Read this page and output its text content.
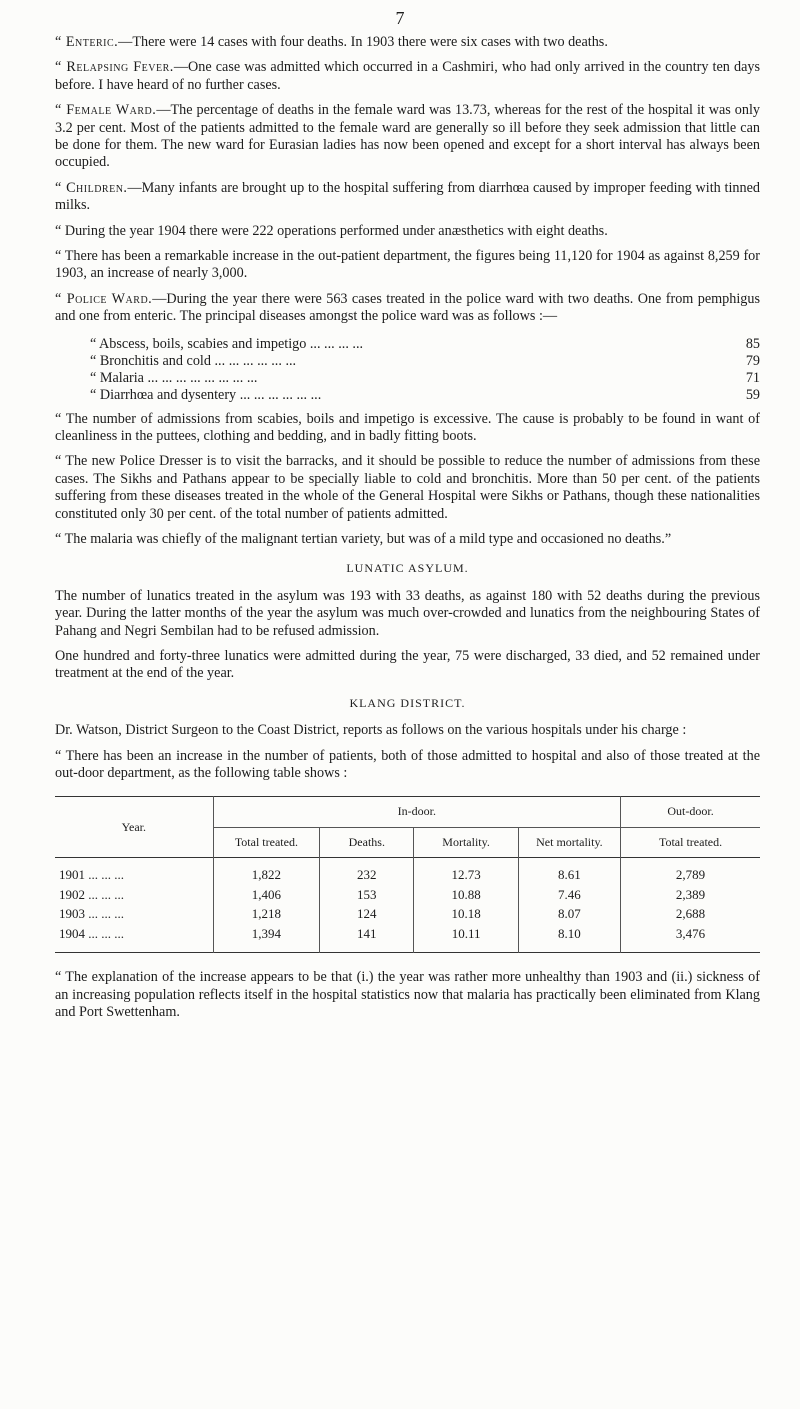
7

“ Enteric.—There were 14 cases with four deaths. In 1903 there were six cases with two deaths.

“ Relapsing Fever.—One case was admitted which occurred in a Cashmiri, who had only arrived in the country ten days before. I have heard of no further cases.

“ Female Ward.—The percentage of deaths in the female ward was 13.73, whereas for the rest of the hospital it was only 3.2 per cent. Most of the patients admitted to the female ward are generally so ill before they seek admission that little can be done for them. The new ward for Eurasian ladies has now been opened and except for a short interval has always been occupied.

“ Children.—Many infants are brought up to the hospital suffering from diarrhœa caused by improper feeding with tinned milks.

“ During the year 1904 there were 222 operations performed under anæsthetics with eight deaths.

“ There has been a remarkable increase in the out-patient department, the figures being 11,120 for 1904 as against 8,259 for 1903, an increase of nearly 3,000.

“ Police Ward.—During the year there were 563 cases treated in the police ward with two deaths. One from pemphigus and one from enteric. The principal diseases amongst the police ward was as follows :—

“ Abscess, boils, scabies and impetigo ... ... ... ...	85
“ Bronchitis and cold ... ... ... ... ... ...	79
“ Malaria ... ... ... ... ... ... ... ...	71
“ Diarrhœa and dysentery ... ... ... ... ... ...	59

“ The number of admissions from scabies, boils and impetigo is excessive. The cause is probably to be found in want of cleanliness in the puttees, clothing and bedding, and in badly fitting boots.

“ The new Police Dresser is to visit the barracks, and it should be possible to reduce the number of admissions from these cases. The Sikhs and Pathans appear to be specially liable to cold and bronchitis. More than 50 per cent. of the patients suffering from these diseases treated in the whole of the General Hospital were Sikhs or Pathans, though these nationalities constituted only 30 per cent. of the total number of patients admitted.

“ The malaria was chiefly of the malignant tertian variety, but was of a mild type and occasioned no deaths.”

LUNATIC ASYLUM.

The number of lunatics treated in the asylum was 193 with 33 deaths, as against 180 with 52 deaths during the previous year. During the latter months of the year the asylum was much over-crowded and lunatics from the neighbouring States of Pahang and Negri Sembilan had to be refused admission.

One hundred and forty-three lunatics were admitted during the year, 75 were discharged, 33 died, and 52 remained under treatment at the end of the year.

KLANG DISTRICT.

Dr. Watson, District Surgeon to the Coast District, reports as follows on the various hospitals under his charge :

“ There has been an increase in the number of patients, both of those admitted to hospital and also of those treated at the out-door department, as the following table shows :

Year.	In-door.				Out-door.
	Total treated.	Deaths.	Mortality.	Net mortality.	Total treated.
1901 ... ... ...	1,822	232	12.73	8.61	2,789
1902 ... ... ...	1,406	153	10.88	7.46	2,389
1903 ... ... ...	1,218	124	10.18	8.07	2,688
1904 ... ... ...	1,394	141	10.11	8.10	3,476

“ The explanation of the increase appears to be that (i.) the year was rather more unhealthy than 1903 and (ii.) sickness of an increasing population reflects itself in the hospital statistics now that malaria has practically been eliminated from Klang and Port Swettenham.
